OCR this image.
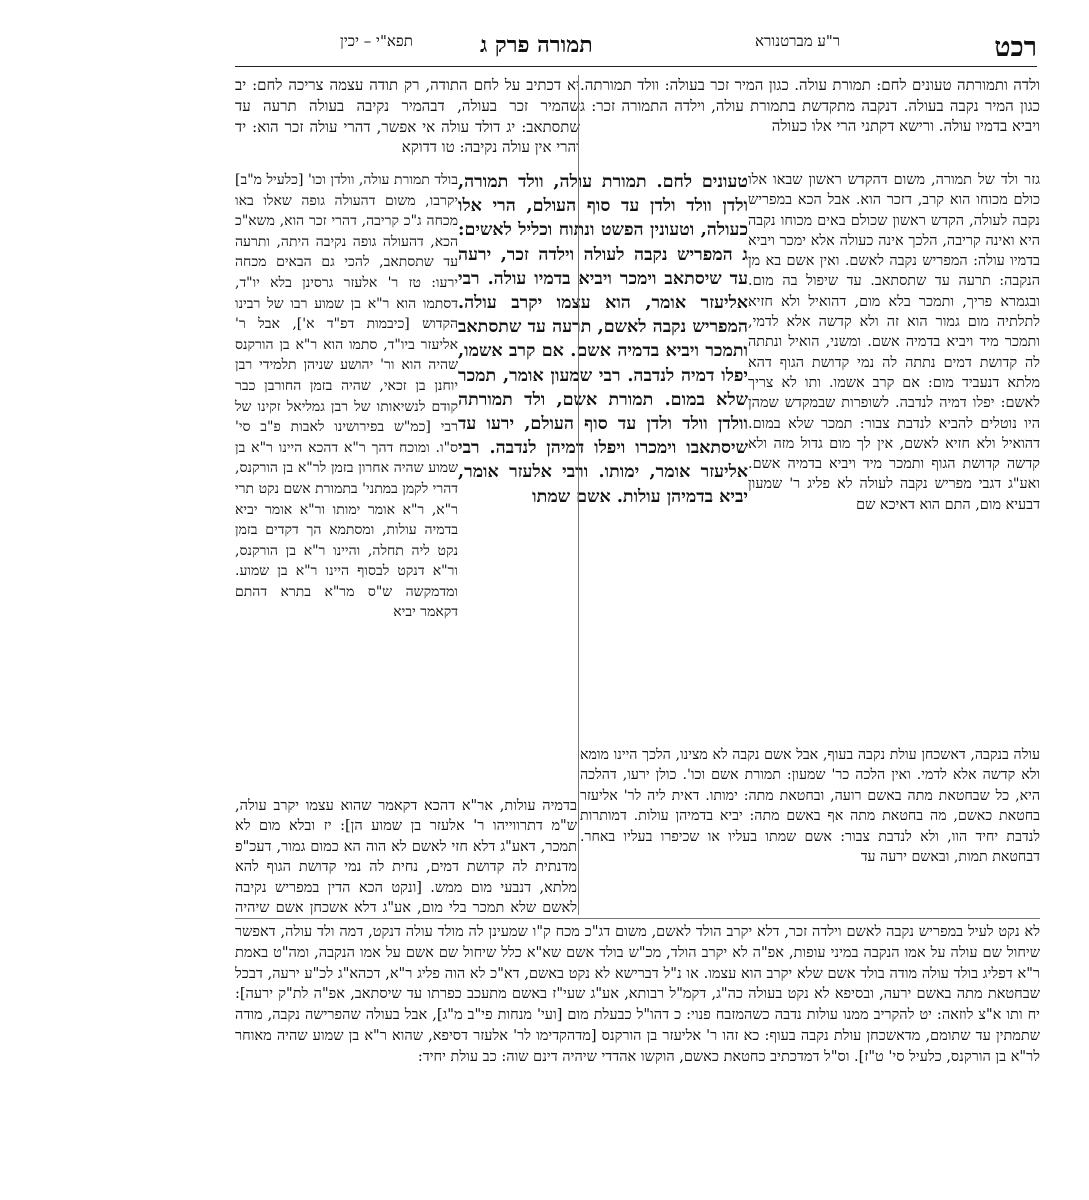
רכט
תמורה פרק ג	ר"ע מברטנורא
תפא"י – יכין

ולדה ותמורתה טעונים לחם: תמורת עולה. כגון המיר זכר בעולה: וולד תמורתה. כגון המיר נקבה בעולה. דנקבה מתקדשת בתמורת עולה, וילדה התמורה זכר: ג ויביא בדמיו עולה. ורישא דקתני הרי אלו כעולה

יא דכתיב על לחם התודה, רק תודה עצמה צריכה לחם: יב שהמיר זכר בעולה, דבהמיר נקיבה בעולה תרעה עד שתסתאב: יג דולד עולה אי אפשר, דהרי עולה זכר הוא: יד והרי אין עולה נקיבה: טו דדוקא

גזר ולד של תמורה, משום דהקדש ראשון שבאו אלו כולם מכוחו הוא קרב, דזכר הוא. אבל הכא במפריש נקבה לעולה, הקדש ראשון שכולם באים מכוחו נקבה היא ואינה קריבה, הלכך אינה כעולה אלא ימכר ויביא בדמיו עולה: המפריש נקבה לאשם. ואין אשם בא מן הנקבה: תרעה עד שתסתאב. עד שיפול בה מום. ובגמרא פריך, ותמכר בלא מום, דהואיל ולא חזיא לתלתיה מום גמור הוא זה ולא קדשה אלא לדמי, ותמכר מיד ויביא בדמיה אשם. ומשני, הואיל ונתתה לה קדושת דמים נתתה לה נמי קדושת הגוף דהא מלתא דנעביד מום: אם קרב אשמו. ותו לא צריך לאשם: יפלו דמיה לנדבה. לשופרות שבמקדש שמהן היו נוטלים להביא לנדבת צבור: תמכר שלא במום. דהואיל ולא חזיא לאשם, אין לך מום גדול מזה ולא קדשה קדושת הגוף ותמכר מיד ויביא בדמיה אשם. ואע"ג דגבי מפריש נקבה לעולה לא פליג ר' שמעון דבעיא מום, התם הוא דאיכא שם

טעונים לחם. תמורת עולה, וולד תמורה, ולדן וולד ולדן עד סוף העולם, הרי אלו כעולה, וטעונין הפשט ונתוח וכליל לאשים: ג המפריש נקבה לעולה וילדה זכר, ירעה עד שיסתאב וימכר ויביא בדמיו עולה. רבי אליעזר אומר, הוא עצמו יקרב עולה. המפריש נקבה לאשם, תרעה עד שתסתאב ותמכר ויביא בדמיה אשם. אם קרב אשמו, יפלו דמיה לנדבה. רבי שמעון אומר, תמכר שלא במום. תמורת אשם, ולד תמורתה וולדן וולד ולדן עד סוף העולם, ירעו עד שיסתאבו וימכרו ויפלו דמיהן לנדבה. רבי אליעזר אומר, ימותו. ורבי אלעזר אומר, יביא בדמיהן עולות. אשם שמתו

בולד תמורת עולה, וולדן וכו' [כלעיל מ"ב] יקרבו, משום דהעולה גופה שאלו באו מכחה ג"כ קריבה, דהרי זכר הוא, משא"כ הכא, דהעולה גופה נקיבה היתה, ותרעה עד שתסתאב, להכי גם הבאים מכחה ירעו: טז ר' אלעזר גרסינן בלא יו"ד, דסתמו הוא ר"א בן שמוע רבו של רבינו הקדוש [כיבמות דפ"ד א'], אבל ר' אליעזר ביו"ד, סתמו הוא ר"א בן הורקנס שהיה הוא ור' יהושע שניהן תלמידי רבן יוחנן בן זכאי, שהיה בזמן החורבן כבר קודם לנשיאותו של רבן גמליאל זקינו של רבי [כמ"ש בפירושינו לאבות פ"ב סי' ס"ו. ומוכח דהך ר"א דהכא היינו ר"א בן שמוע שהיה אחרון בזמן לר"א בן הורקנס, דהרי לקמן במתני' בתמורת אשם נקט תרי ר"א, ר"א אומר ימותו ור"א אומר יביא בדמיה עולות, ומסתמא הך דקדים בזמן נקט ליה תחלה, והיינו ר"א בן הורקנס, ור"א דנקט לבסוף היינו ר"א בן שמוע. ומדמקשה ש"ס מר"א בתרא דהתם דקאמר יביא

עולה בנקבה, דאשכחן עולת נקבה בעוף, אבל אשם נקבה לא מצינו, הלכך היינו מומא ולא קדשה אלא לדמי. ואין הלכה כר' שמעון: תמורת אשם וכו'. כולן ירעו, דהלכה היא, כל שבחטאת מתה באשם רועה, ובחטאת מתה: ימותו. דאית ליה לר' אליעזר בחטאת כאשם, מה בחטאת מתה אף באשם מתה: יביא בדמיהן עולות. דמותרות לנדבת יחיד הוו, ולא לנדבת צבור: אשם שמתו בעליו או שכיפרו בעליו באחר. דבחטאת תמות, ובאשם ירעה עד

בדמיה עולות, אר"א דהכא דקאמר שהוא עצמו יקרב עולה, ש"מ דתרווייהו ר' אלעזר בן שמוע הן]: יז ובלא מום לא תמכר, דאע"ג דלא חזי לאשם לא הוה הא כמום גמור, דעכ"פ מדנתית לה קדושת דמים, נחית לה נמי קדושת הגוף להא מלתא, דנבעי מום ממש. [ונקט הכא הדין במפריש נקיבה לאשם שלא תמכר בלי מום, אע"ג דלא אשכחן אשם שיהיה

לא נקט לעיל במפריש נקבה לאשם וילדה זכר, דלא יקרב הולד לאשם, משום דג"כ מכח ק"ו שמעינן לה מולד עולה דנקט, דמה ולד עולה, דאפשר שיחול שם עולה על אמו הנקבה במיני עופות, אפ"ה לא יקרב הולד, מכ"ש בולד אשם שא"א כלל שיחול שם אשם על אמו הנקבה, ומה"ט באמת ר"א דפליג בולד עולה מודה בולד אשם שלא יקרב הוא עצמו. או נ"ל דברישא לא נקט באשם, דא"כ לא הוה פליג ר"א, דכהא"ג לכ"ע ירעה, דבכל שבחטאת מתה באשם ירעה, ובסיפא לא נקט בעולה כה"ג, דקמ"ל רבותא, אע"ג שעי"ז באשם מתעכב כפרתו עד שיסתאב, אפ"ה לת"ק ירעה]: יח ותו א"צ לוזאה: יט להקריב ממנו עולות נדבה כשהמזבח פנוי: כ דהו"ל כבעלת מום [ועי' מנחות פי"ב מ"ג], אבל בעולה שהפרישה נקבה, מודה שתמתין עד שתומם, מדאשכחן עולת נקבה בעוף: כא זהו ר' אליעזר בן הורקנס [מדהקדימו לר' אלעזר דסיפא, שהוא ר"א בן שמוע שהיה מאוחר לר"א בן הורקנס, כלעיל סי' ט"ז]. וס"ל דמדכתיב כחטאת כאשם, הוקשו אהדדי שיהיה דינם שוה: כב עולת יחיד:
